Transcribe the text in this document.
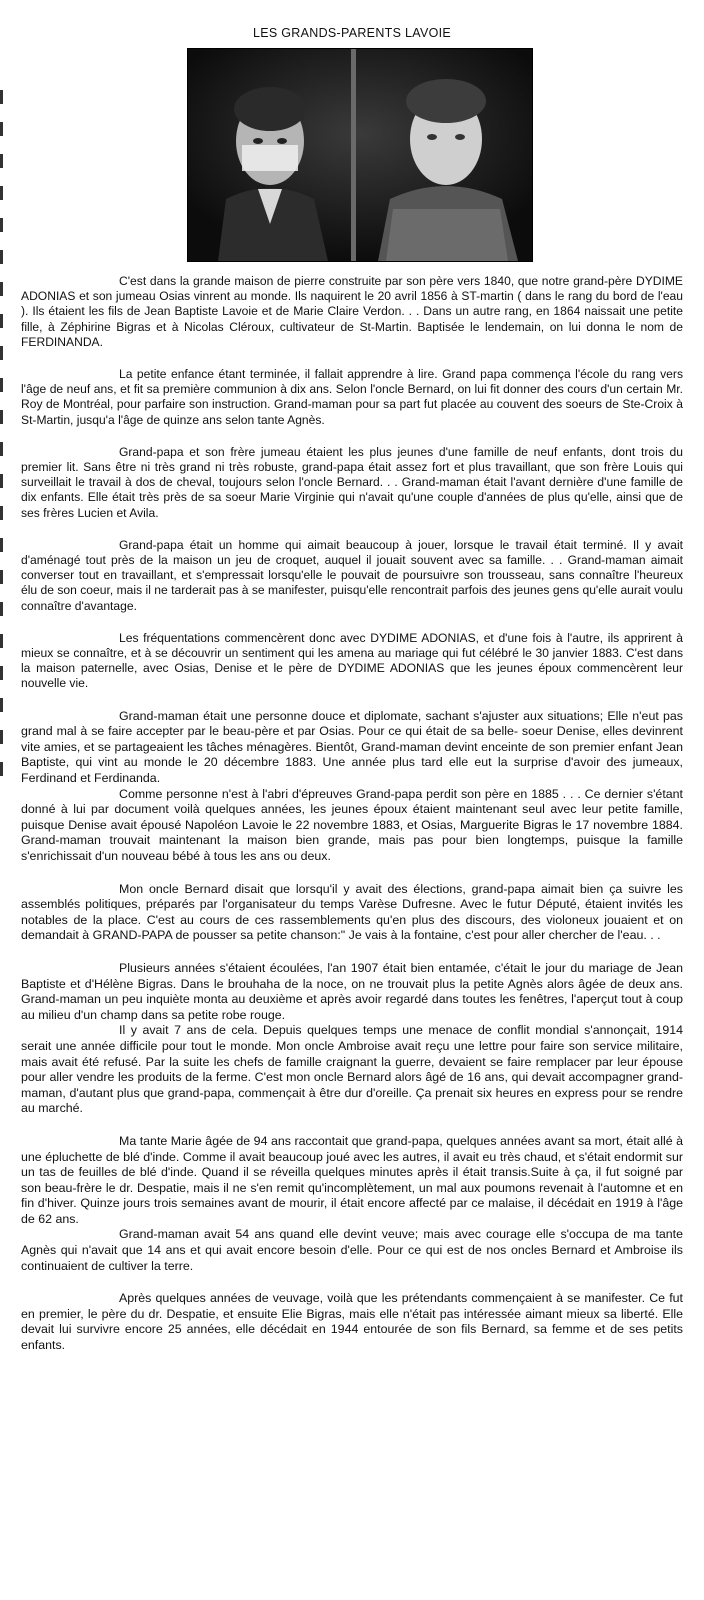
LES GRANDS-PARENTS LAVOIE

C'est dans la grande maison de pierre construite par son père vers 1840, que notre grand-père DYDIME ADONIAS et son jumeau Osias vinrent au monde. Ils naquirent le 20 avril 1856 à ST-martin ( dans le rang du bord de l'eau ). Ils étaient les fils de Jean Baptiste Lavoie et de Marie Claire Verdon. . . Dans un autre rang, en 1864 naissait une petite fille, à Zéphirine Bigras et à Nicolas Cléroux, cultivateur de St-Martin. Baptisée le lendemain, on lui donna le nom de FERDINANDA.

La petite enfance étant terminée, il fallait apprendre à lire. Grand papa commença l'école du rang vers l'âge de neuf ans, et fit sa première communion à dix ans. Selon l'oncle Bernard, on lui fit donner des cours d'un certain Mr. Roy de Montréal, pour parfaire son instruction. Grand-maman pour sa part fut placée au couvent des soeurs de Ste-Croix à St-Martin, jusqu'a l'âge de quinze ans selon tante Agnès.

Grand-papa et son frère jumeau étaient les plus jeunes d'une famille de neuf enfants, dont trois du premier lit. Sans être ni très grand ni très robuste, grand-papa était assez fort et plus travaillant, que son frère Louis qui surveillait le travail à dos de cheval, toujours selon l'oncle Bernard. . . Grand-maman était l'avant dernière d'une famille de dix enfants. Elle était très près de sa soeur Marie Virginie qui n'avait qu'une couple d'années de plus qu'elle, ainsi que de ses frères Lucien et Avila.

Grand-papa était un homme qui aimait beaucoup à jouer, lorsque le travail était terminé. Il y avait d'aménagé tout près de la maison un jeu de croquet, auquel il jouait souvent avec sa famille. . . Grand-maman aimait converser tout en travaillant, et s'empressait lorsqu'elle le pouvait de poursuivre son trousseau, sans connaître l'heureux élu de son coeur, mais il ne tarderait pas à se manifester, puisqu'elle rencontrait parfois des jeunes gens qu'elle aurait voulu connaître d'avantage.

Les fréquentations commencèrent donc avec DYDIME ADONIAS, et d'une fois à l'autre, ils apprirent à mieux se connaître, et à se découvrir un sentiment qui les amena au mariage qui fut célébré le 30 janvier 1883. C'est dans la maison paternelle, avec Osias, Denise et le père de DYDIME ADONIAS que les jeunes époux commencèrent leur nouvelle vie.

Grand-maman était une personne douce et diplomate, sachant s'ajuster aux situations; Elle n'eut pas grand mal à se faire accepter par le beau-père et par Osias. Pour ce qui était de sa belle- soeur Denise, elles devinrent vite amies, et se partageaient les tâches ménagères. Bientôt, Grand-maman devint enceinte de son premier enfant Jean Baptiste, qui vint au monde le 20 décembre 1883. Une année plus tard elle eut la surprise d'avoir des jumeaux, Ferdinand et Ferdinanda.

Comme personne n'est à l'abri d'épreuves Grand-papa perdit son père en 1885 . . . Ce dernier s'étant donné à lui par document voilà quelques années, les jeunes époux étaient maintenant seul avec leur petite famille, puisque Denise avait épousé Napoléon Lavoie le 22 novembre 1883, et Osias, Marguerite Bigras le 17 novembre 1884. Grand-maman trouvait maintenant la maison bien grande, mais pas pour bien longtemps, puisque la famille s'enrichissait d'un nouveau bébé à tous les ans ou deux.

Mon oncle Bernard disait que lorsqu'il y avait des élections, grand-papa aimait bien ça suivre les assemblés politiques, préparés par l'organisateur du temps Varèse Dufresne. Avec le futur Député, étaient invités les notables de la place. C'est au cours de ces rassemblements qu'en plus des discours, des violoneux jouaient et on demandait à GRAND-PAPA de pousser sa petite chanson:" Je vais à la fontaine, c'est pour aller chercher de l'eau. . .

Plusieurs années s'étaient écoulées, l'an 1907 était bien entamée, c'était le jour du mariage de Jean Baptiste et d'Hélène Bigras. Dans le brouhaha de la noce, on ne trouvait plus la petite Agnès alors âgée de deux ans. Grand-maman un peu inquiète monta au deuxième et après avoir regardé dans toutes les fenêtres, l'aperçut tout à coup au milieu d'un champ dans sa petite robe rouge.

Il y avait 7 ans de cela. Depuis quelques temps une menace de conflit mondial s'annonçait, 1914 serait une année difficile pour tout le monde. Mon oncle Ambroise avait reçu une lettre pour faire son service militaire, mais avait été refusé. Par la suite les chefs de famille craignant la guerre, devaient se faire remplacer par leur épouse pour aller vendre les produits de la ferme. C'est mon oncle Bernard alors âgé de 16 ans, qui devait accompagner grand-maman, d'autant plus que grand-papa, commençait à être dur d'oreille. Ça prenait six heures en express pour se rendre au marché.

Ma tante Marie âgée de 94 ans raccontait que grand-papa, quelques années avant sa mort, était allé à une épluchette de blé d'inde. Comme il avait beaucoup joué avec les autres, il avait eu très chaud, et s'était endormit sur un tas de feuilles de blé d'inde. Quand il se réveilla quelques minutes après il était transis.Suite à ça, il fut soigné par son beau-frère le dr. Despatie, mais il ne s'en remit qu'incomplètement, un mal aux poumons revenait à l'automne et en fin d'hiver. Quinze jours trois semaines avant de mourir, il était encore affecté par ce malaise, il décédait en 1919 à l'âge de 62 ans.

Grand-maman avait 54 ans quand elle devint veuve; mais avec courage elle s'occupa de ma tante Agnès qui n'avait que 14 ans et qui avait encore besoin d'elle. Pour ce qui est de nos oncles Bernard et Ambroise ils continuaient de cultiver la terre.

Après quelques années de veuvage, voilà que les prétendants commençaient à se manifester. Ce fut en premier, le père du dr. Despatie, et ensuite Elie Bigras, mais elle n'était pas intéressée aimant mieux sa liberté. Elle devait lui survivre encore 25 années, elle décédait en 1944 entourée de son fils Bernard, sa femme et de ses petits enfants.
